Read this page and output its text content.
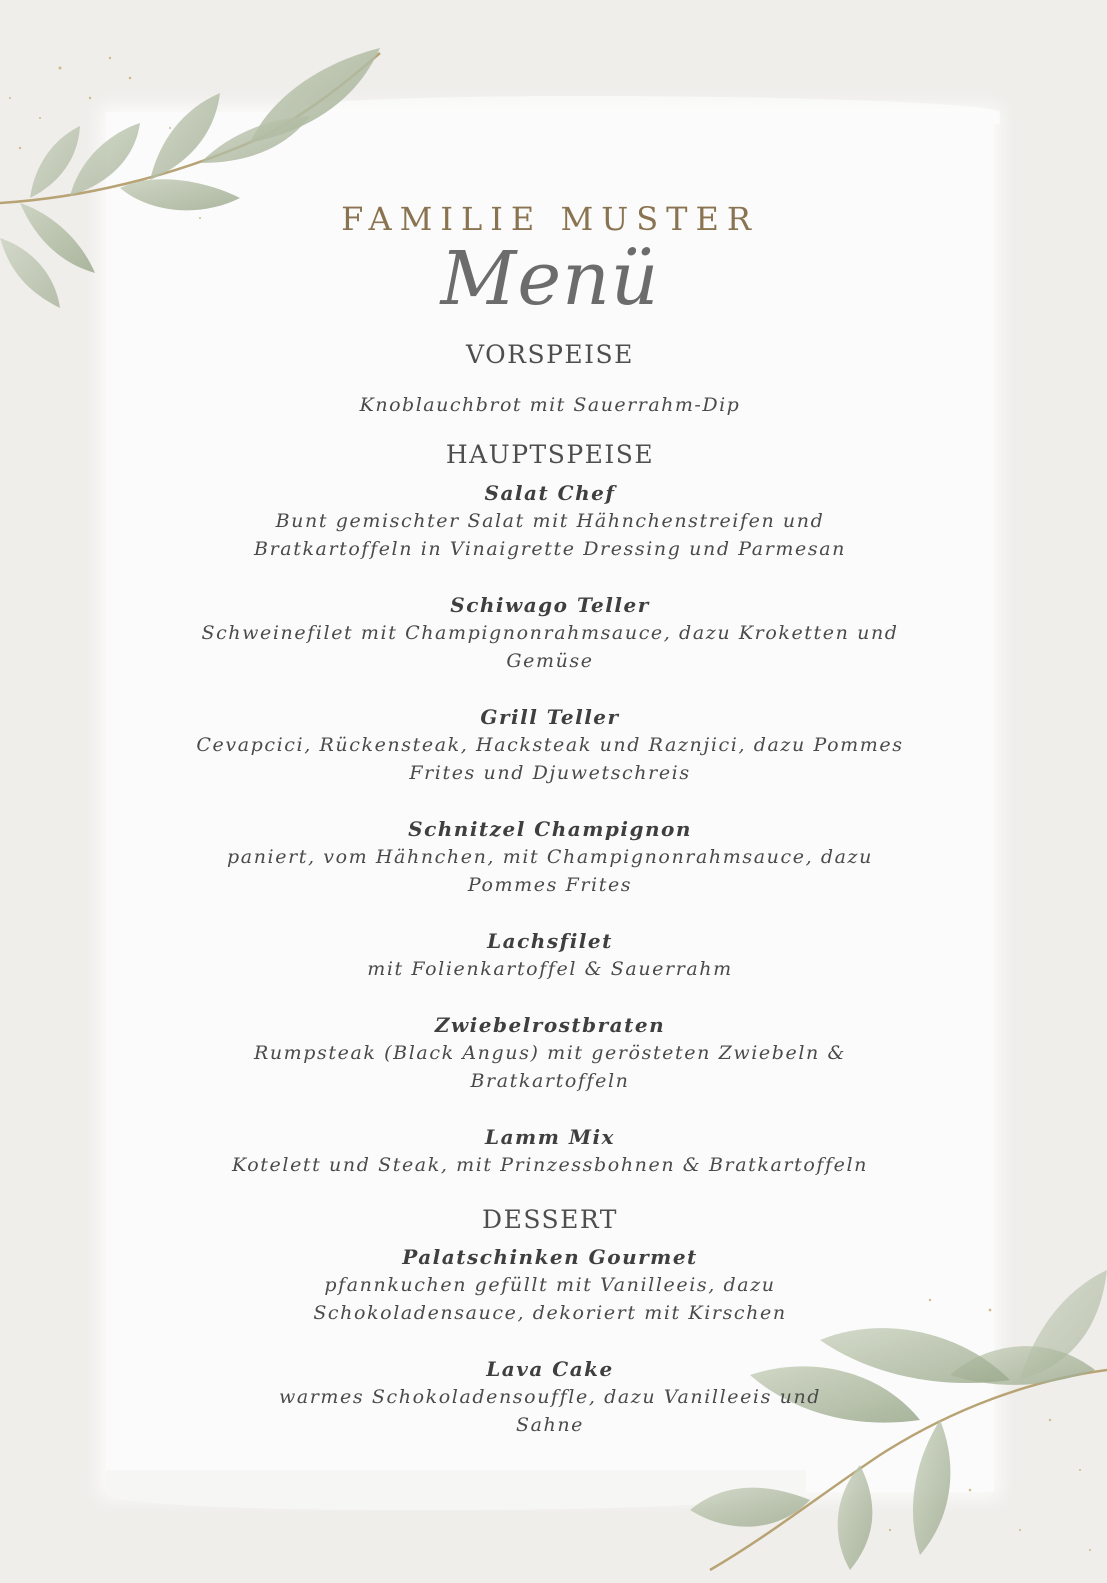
FAMILIE MUSTER
Menü
VORSPEISE
Knoblauchbrot mit Sauerrahm-Dip
HAUPTSPEISE
Salat Chef
Bunt gemischter Salat mit Hähnchenstreifen und Bratkartoffeln in Vinaigrette Dressing und Parmesan
Schiwago Teller
Schweinefilet mit Champignonrahmsauce, dazu Kroketten und Gemüse
Grill Teller
Cevapcici, Rückensteak, Hacksteak und Raznjici, dazu Pommes Frites und Djuwetschreis
Schnitzel Champignon
paniert, vom Hähnchen, mit Champignonrahmsauce, dazu Pommes Frites
Lachsfilet
mit Folienkartoffel & Sauerrahm
Zwiebelrostbraten
Rumpsteak (Black Angus) mit gerösteten Zwiebeln & Bratkartoffeln
Lamm Mix
Kotelett und Steak, mit Prinzessbohnen & Bratkartoffeln
DESSERT
Palatschinken Gourmet
pfannkuchen gefüllt mit Vanilleeis, dazu Schokoladensauce, dekoriert mit Kirschen
Lava Cake
warmes Schokoladensouffle, dazu Vanilleeis und Sahne
